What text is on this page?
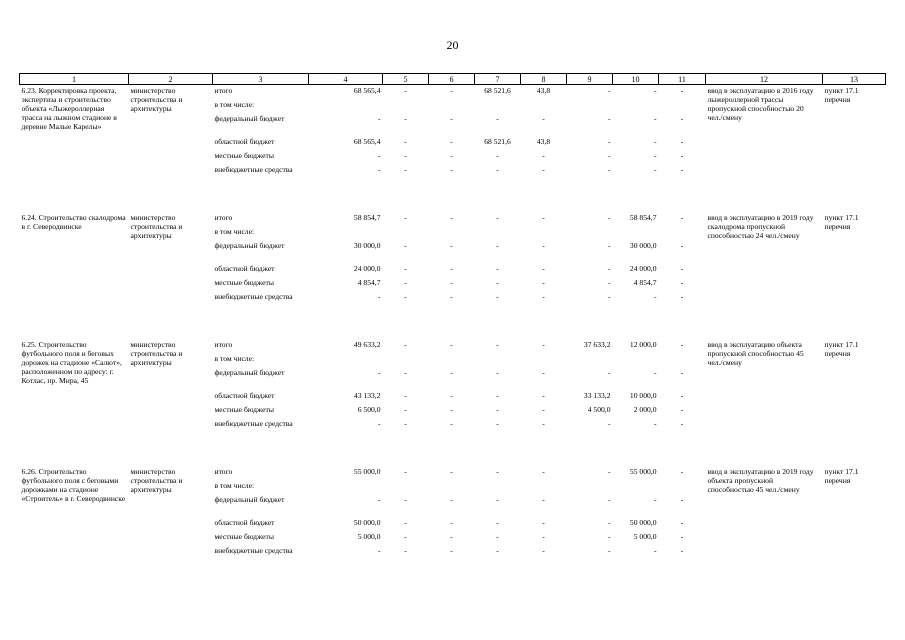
20
1	2	3	4	5	6	7	8	9	10	11	12	13
6.23. Корректировка проекта, экспертиза и строительство объекта «Лыжероллерная трасса на лыжном стадионе в деревне Малые Карелы»	министерство строительства и архитектуры	итого	68 565,4	-	-	68 521,6	43,8	-	-	-	ввод в эксплуатацию в 2016 году лыжероллерной трассы пропускной способностью 20 чел./смену	пункт 17.1 перечня
		в том числе:										
		федеральный бюджет	-	-	-	-	-	-	-	-		
		областной бюджет	68 565,4	-	-	68 521,6	43,8	-	-	-		
		местные бюджеты	-	-	-	-	-	-	-	-		
		внебюджетные средства	-	-	-	-	-	-	-	-		

6.24. Строительство скалодрома в г. Северодвинске	министерство строительства и архитектуры	итого	58 854,7	-	-	-	-	-	58 854,7	-	ввод в эксплуатацию в 2019 году скалодрома пропускной способностью 24 чел./смену	пункт 17.1 перечня
		в том числе:										
		федеральный бюджет	30 000,0	-	-	-	-	-	30 000,0	-		
		областной бюджет	24 000,0	-	-	-	-	-	24 000,0	-		
		местные бюджеты	4 854,7	-	-	-	-	-	4 854,7	-		
		внебюджетные средства	-	-	-	-	-	-	-	-		

6.25. Строительство футбольного поля и беговых дорожек на стадионе «Салют», расположенном по адресу: г. Котлас, пр. Мира, 45	министерство строительства и архитектуры	итого	49 633,2	-	-	-	-	37 633,2	12 000,0	-	ввод в эксплуатацию объекта пропускной способностью 45 чел./смену	пункт 17.1 перечня
		в том числе:										
		федеральный бюджет	-	-	-	-	-	-	-	-		
		областной бюджет	43 133,2	-	-	-	-	33 133,2	10 000,0	-		
		местные бюджеты	6 500,0	-	-	-	-	4 500,0	2 000,0	-		
		внебюджетные средства	-	-	-	-	-	-	-	-		

6.26. Строительство футбольного поля с беговыми дорожками на стадионе «Строитель» в г. Северодвинске	министерство строительства и архитектуры	итого	55 000,0	-	-	-	-	-	55 000,0	-	ввод в эксплуатацию в 2019 году объекта пропускной способностью 45 чел./смену	пункт 17.1 перечня
		в том числе:										
		федеральный бюджет	-	-	-	-	-	-	-	-		
		областной бюджет	50 000,0	-	-	-	-	-	50 000,0	-		
		местные бюджеты	5 000,0	-	-	-	-	-	5 000,0	-		
		внебюджетные средства	-	-	-	-	-	-	-	-		
